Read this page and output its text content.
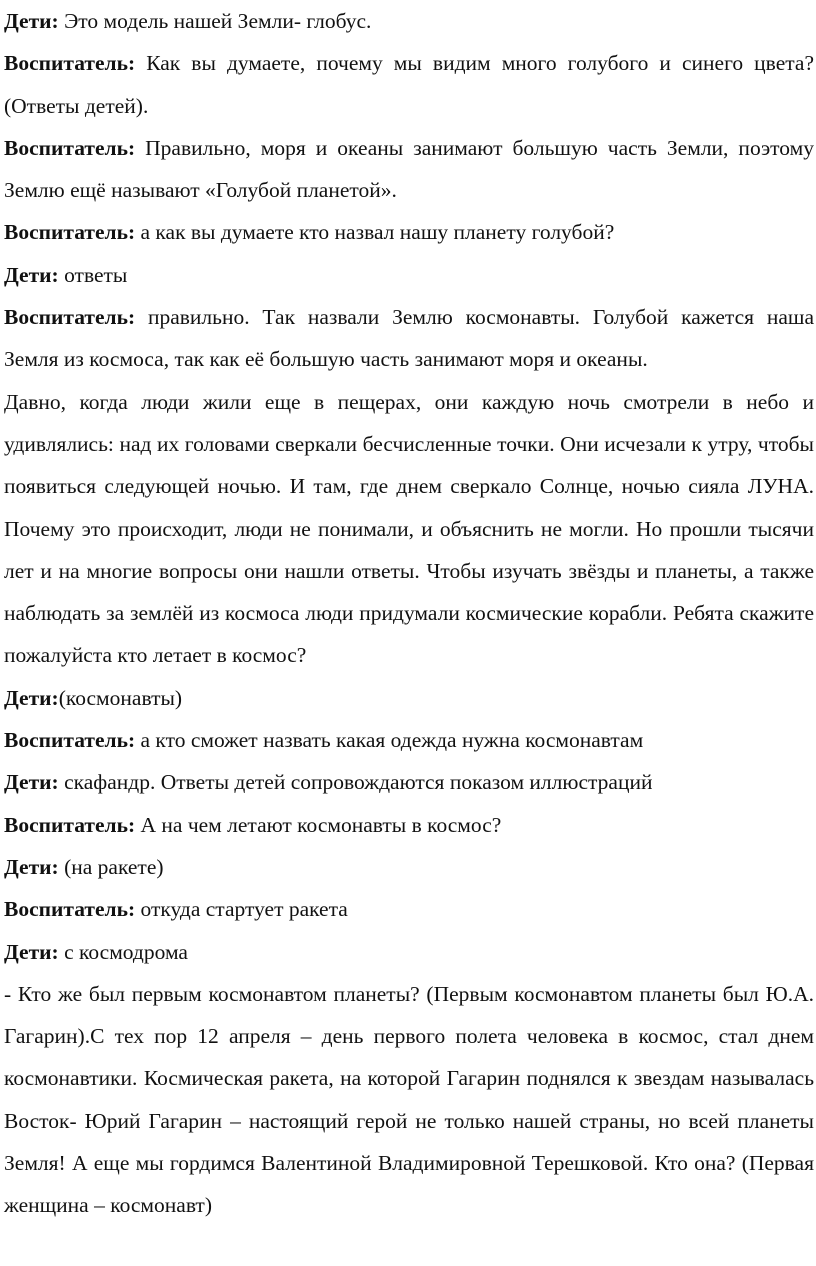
Дети: Это модель нашей Земли- глобус.

Воспитатель: Как вы думаете, почему мы видим много голубого и синего цвета?(Ответы детей).

Воспитатель: Правильно, моря и океаны занимают большую часть Земли, поэтому Землю ещё называют «Голубой планетой».

Воспитатель: а как вы думаете кто назвал нашу планету голубой?

Дети: ответы

Воспитатель: правильно. Так назвали Землю космонавты. Голубой кажется наша Земля из космоса, так как её большую часть занимают моря и океаны.

Давно, когда люди жили еще в пещерах, они каждую ночь смотрели в небо и удивлялись: над их головами сверкали бесчисленные точки. Они исчезали к утру, чтобы появиться следующей ночью. И там, где днем сверкало Солнце, ночью сияла ЛУНА. Почему это происходит, люди не понимали, и объяснить не могли. Но прошли тысячи лет и на многие вопросы они нашли ответы. Чтобы изучать звёзды и планеты, а также наблюдать за землёй из космоса люди придумали космические корабли. Ребята скажите пожалуйста кто летает в космос?

Дети:(космонавты)

Воспитатель: а кто сможет назвать какая одежда нужна космонавтам

Дети: скафандр. Ответы детей сопровождаются показом иллюстраций

Воспитатель: А на чем летают космонавты в космос?

Дети: (на ракете)

Воспитатель: откуда стартует ракета

Дети: с космодрома

- Кто же был первым космонавтом планеты? (Первым космонавтом планеты был Ю.А. Гагарин).С тех пор 12 апреля – день первого полета человека в космос, стал днем космонавтики. Космическая ракета, на которой Гагарин поднялся к звездам называлась Восток- Юрий Гагарин – настоящий герой не только нашей страны, но всей планеты Земля! А еще мы гордимся Валентиной Владимировной Терешковой. Кто она? (Первая женщина – космонавт)
